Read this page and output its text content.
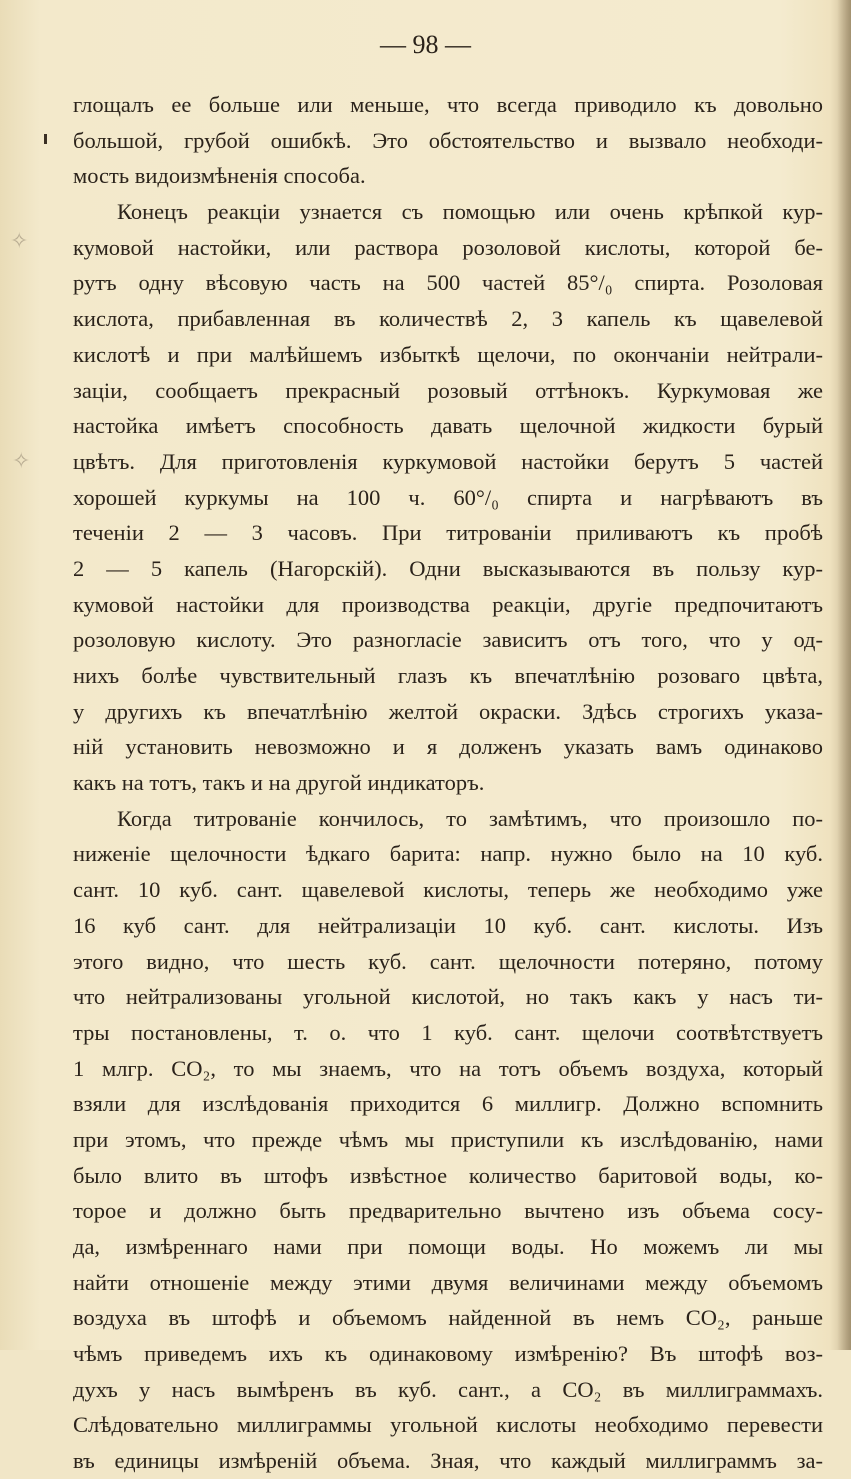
— 98 —
✧
✧
глощалъ ее больше или меньше, что всегда приводило къ довольно
большой, грубой ошибкѣ. Это обстоятельство и вызвало необходи-
мость видоизмѣненія способа.
Конецъ реакціи узнается съ помощью или очень крѣпкой кур-
кумовой настойки, или раствора розоловой кислоты, которой бе-
рутъ одну вѣсовую часть на 500 частей 85°/₀ спирта. Розоловая
кислота, прибавленная въ количествѣ 2, 3 капель къ щавелевой
кислотѣ и при малѣйшемъ избыткѣ щелочи, по окончаніи нейтрали-
заціи, сообщаетъ прекрасный розовый оттѣнокъ. Куркумовая же
настойка имѣетъ способность давать щелочной жидкости бурый
цвѣтъ. Для приготовленія куркумовой настойки берутъ 5 частей
хорошей куркумы на 100 ч. 60°/₀ спирта и нагрѣваютъ въ
теченіи 2 — 3 часовъ. При титрованіи приливаютъ къ пробѣ
2 — 5 капель (Нагорскій). Одни высказываются въ пользу кур-
кумовой настойки для производства реакціи, другіе предпочитаютъ
розоловую кислоту. Это разногласіе зависитъ отъ того, что у од-
нихъ болѣе чувствительный глазъ къ впечатлѣнію розоваго цвѣта,
у другихъ къ впечатлѣнію желтой окраски. Здѣсь строгихъ указа-
ній установить невозможно и я долженъ указать вамъ одинаково
какъ на тотъ, такъ и на другой индикаторъ.
Когда титрованіе кончилось, то замѣтимъ, что произошло по-
ниженіе щелочности ѣдкаго барита: напр. нужно было на 10 куб.
сант. 10 куб. сант. щавелевой кислоты, теперь же необходимо уже
16 куб сант. для нейтрализаціи 10 куб. сант. кислоты. Изъ
этого видно, что шесть куб. сант. щелочности потеряно, потому
что нейтрализованы угольной кислотой, но такъ какъ у насъ ти-
тры постановлены, т. о. что 1 куб. сант. щелочи соотвѣтствуетъ
1 млгр. CO₂, то мы знаемъ, что на тотъ объемъ воздуха, который
взяли для изслѣдованія приходится 6 миллигр. Должно вспомнить
при этомъ, что прежде чѣмъ мы приступили къ изслѣдованію, нами
было влито въ штофъ извѣстное количество баритовой воды, ко-
торое и должно быть предварительно вычтено изъ объема сосу-
да, измѣреннаго нами при помощи воды. Но можемъ ли мы
найти отношеніе между этими двумя величинами между объемомъ
воздуха въ штофѣ и объемомъ найденной въ немъ CO₂, раньше
чѣмъ приведемъ ихъ къ одинаковому измѣренію? Въ штофѣ воз-
духъ у насъ вымѣренъ въ куб. сант., а CO₂ въ миллиграммахъ.
Слѣдовательно миллиграммы угольной кислоты необходимо перевести
въ единицы измѣреній объема. Зная, что каждый миллиграммъ за-
